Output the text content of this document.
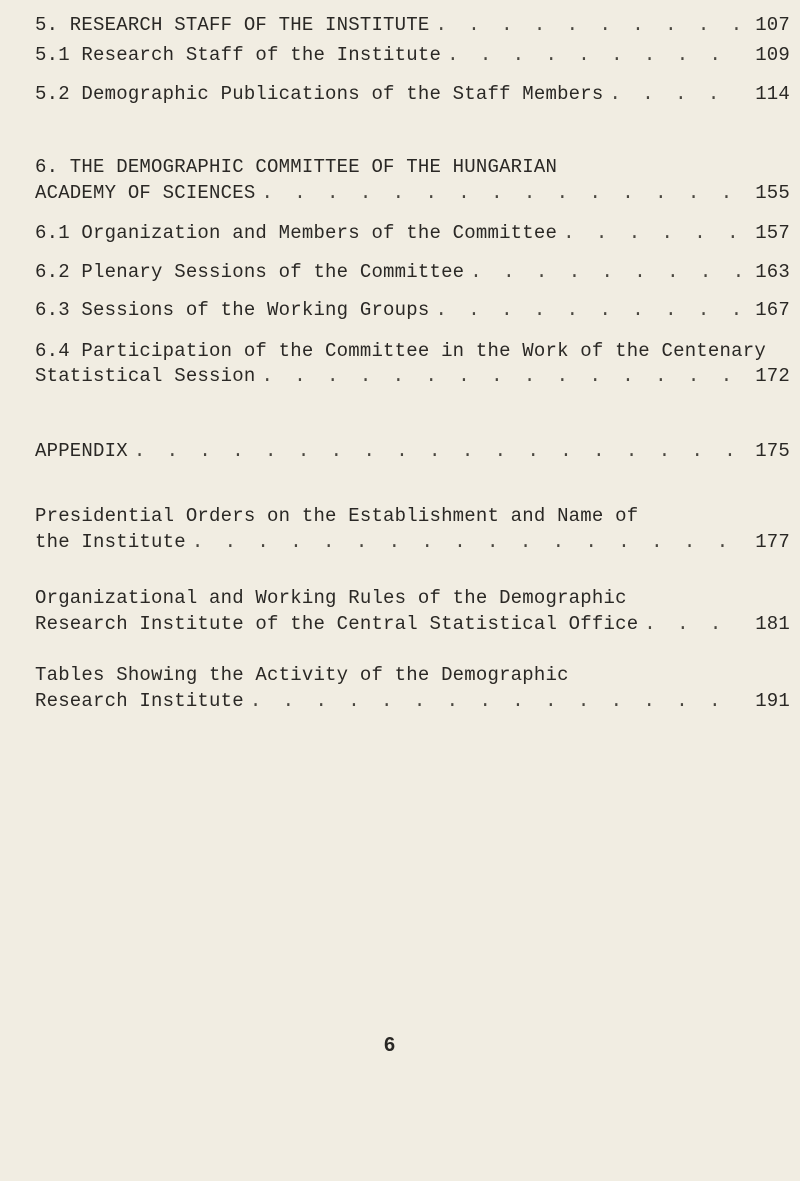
5. RESEARCH STAFF OF THE INSTITUTE . . .	107
5.1 Research Staff of the Institute . . .	109
5.2 Demographic Publications of the Staff Members . . .	114
6. THE DEMOGRAPHIC COMMITTEE OF THE HUNGARIAN
ACADEMY OF SCIENCES . . .	155
6.1 Organization and Members of the Committee . . .	157
6.2 Plenary Sessions of the Committee . . .	163
6.3 Sessions of the Working Groups . . .	167
6.4 Participation of the Committee in the Work of the Centenary
Statistical Session . . .	172
APPENDIX . . .	175
Presidential Orders on the Establishment and Name of
the Institute . . .	177
Organizational and Working Rules of the Demographic
Research Institute of the Central Statistical Office . . .	181
Tables Showing the Activity of the Demographic
Research Institute . . .	191
6
